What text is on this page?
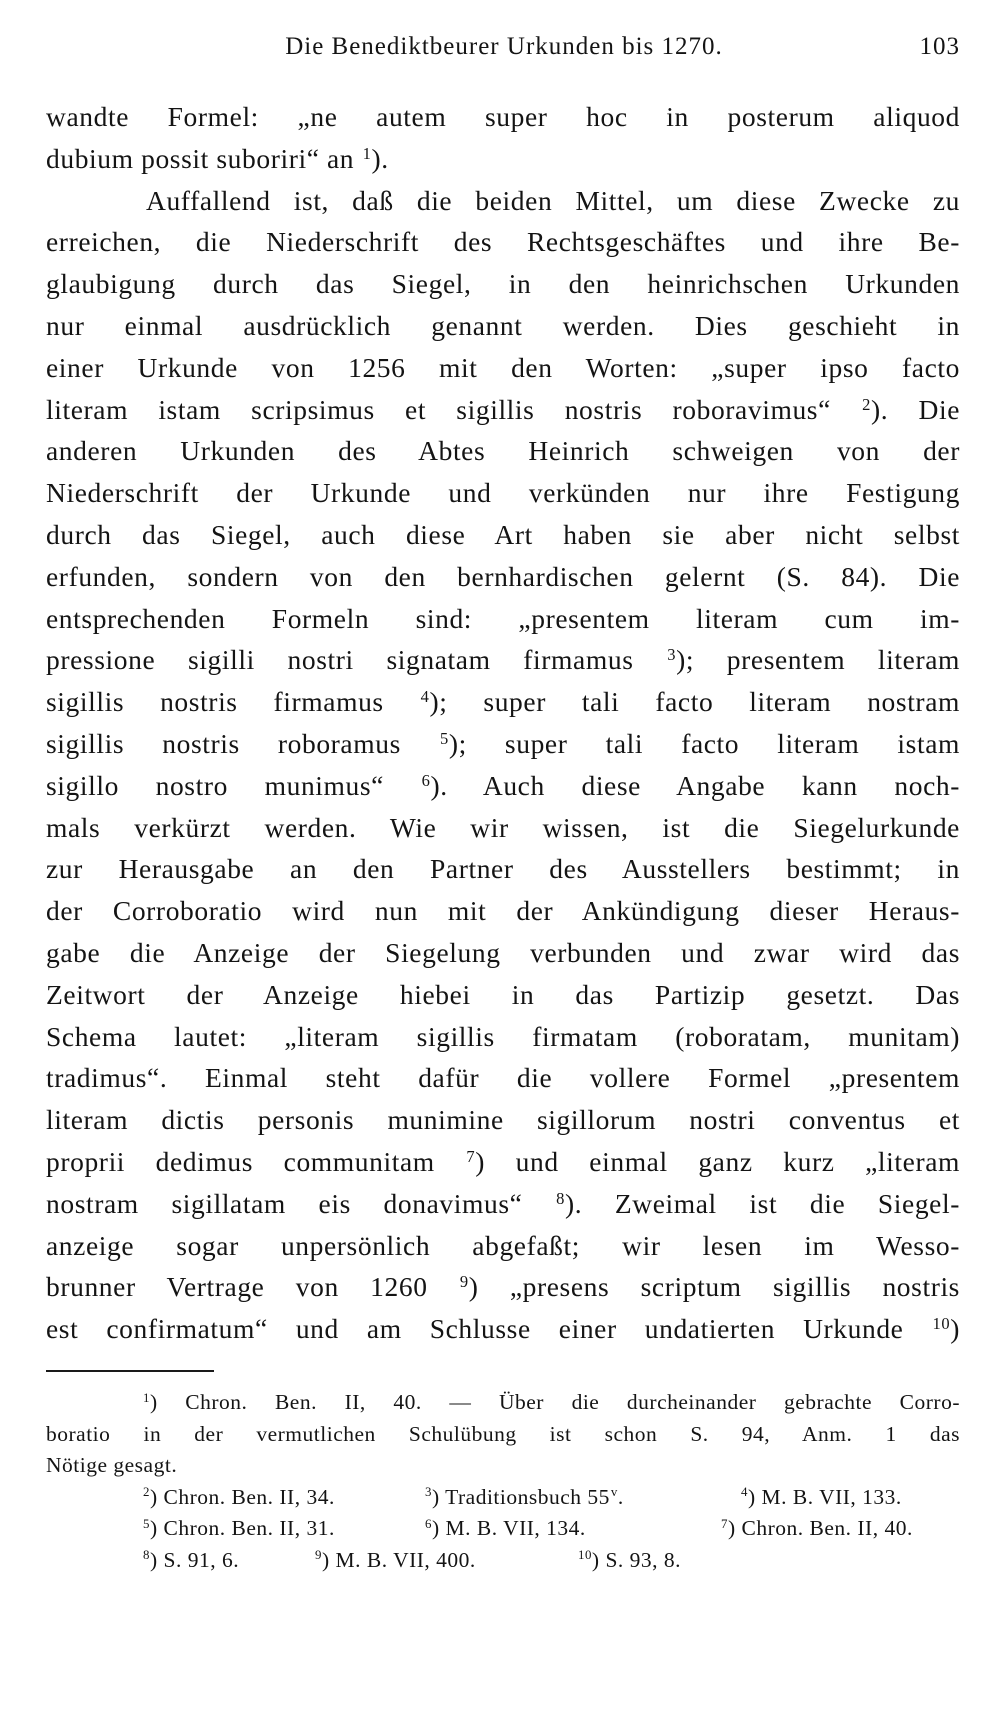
Die Benediktbeurer Urkunden bis 1270.	103
wandte Formel: „ne autem super hoc in posterum aliquod
dubium possit suboriri“ an $^1$).
Auffallend ist, daß die beiden Mittel, um diese Zwecke zu
erreichen, die Niederschrift des Rechtsgeschäftes und ihre Be-
glaubigung durch das Siegel, in den heinrichschen Urkunden
nur einmal ausdrücklich genannt werden. Dies geschieht in
einer Urkunde von 1256 mit den Worten: „super ipso facto
literam istam scripsimus et sigillis nostris roboravimus“ $^2$). Die
anderen Urkunden des Abtes Heinrich schweigen von der
Niederschrift der Urkunde und verkünden nur ihre Festigung
durch das Siegel, auch diese Art haben sie aber nicht selbst
erfunden, sondern von den bernhardischen gelernt (S. 84). Die
entsprechenden Formeln sind: „presentem literam cum im-
pressione sigilli nostri signatam firmamus $^3$); presentem literam
sigillis nostris firmamus $^4$); super tali facto literam nostram
sigillis nostris roboramus $^5$); super tali facto literam istam
sigillo nostro munimus“ $^6$). Auch diese Angabe kann noch-
mals verkürzt werden. Wie wir wissen, ist die Siegelurkunde
zur Herausgabe an den Partner des Ausstellers bestimmt; in
der Corroboratio wird nun mit der Ankündigung dieser Heraus-
gabe die Anzeige der Siegelung verbunden und zwar wird das
Zeitwort der Anzeige hiebei in das Partizip gesetzt. Das
Schema lautet: „literam sigillis firmatam (roboratam, munitam)
tradimus“. Einmal steht dafür die vollere Formel „presentem
literam dictis personis munimine sigillorum nostri conventus et
proprii dedimus communitam $^7$) und einmal ganz kurz „literam
nostram sigillatam eis donavimus“ $^8$). Zweimal ist die Siegel-
anzeige sogar unpersönlich abgefaßt; wir lesen im Wesso-
brunner Vertrage von 1260 $^9$) „presens scriptum sigillis nostris
est confirmatum“ und am Schlusse einer undatierten Urkunde $^{10}$)
$^1$) Chron. Ben. II, 40. — Über die durcheinander gebrachte Corro-
boratio in der vermutlichen Schulübung ist schon S. 94, Anm. 1 das
Nötige gesagt.
$^2$) Chron. Ben. II, 34.	$^3$) Traditionsbuch 55$^v$.	$^4$) M. B. VII, 133.
$^5$) Chron. Ben. II, 31.	$^6$) M. B. VII, 134.	$^7$) Chron. Ben. II, 40.
$^8$) S. 91, 6.	$^9$) M. B. VII, 400.	$^{10}$) S. 93, 8.
